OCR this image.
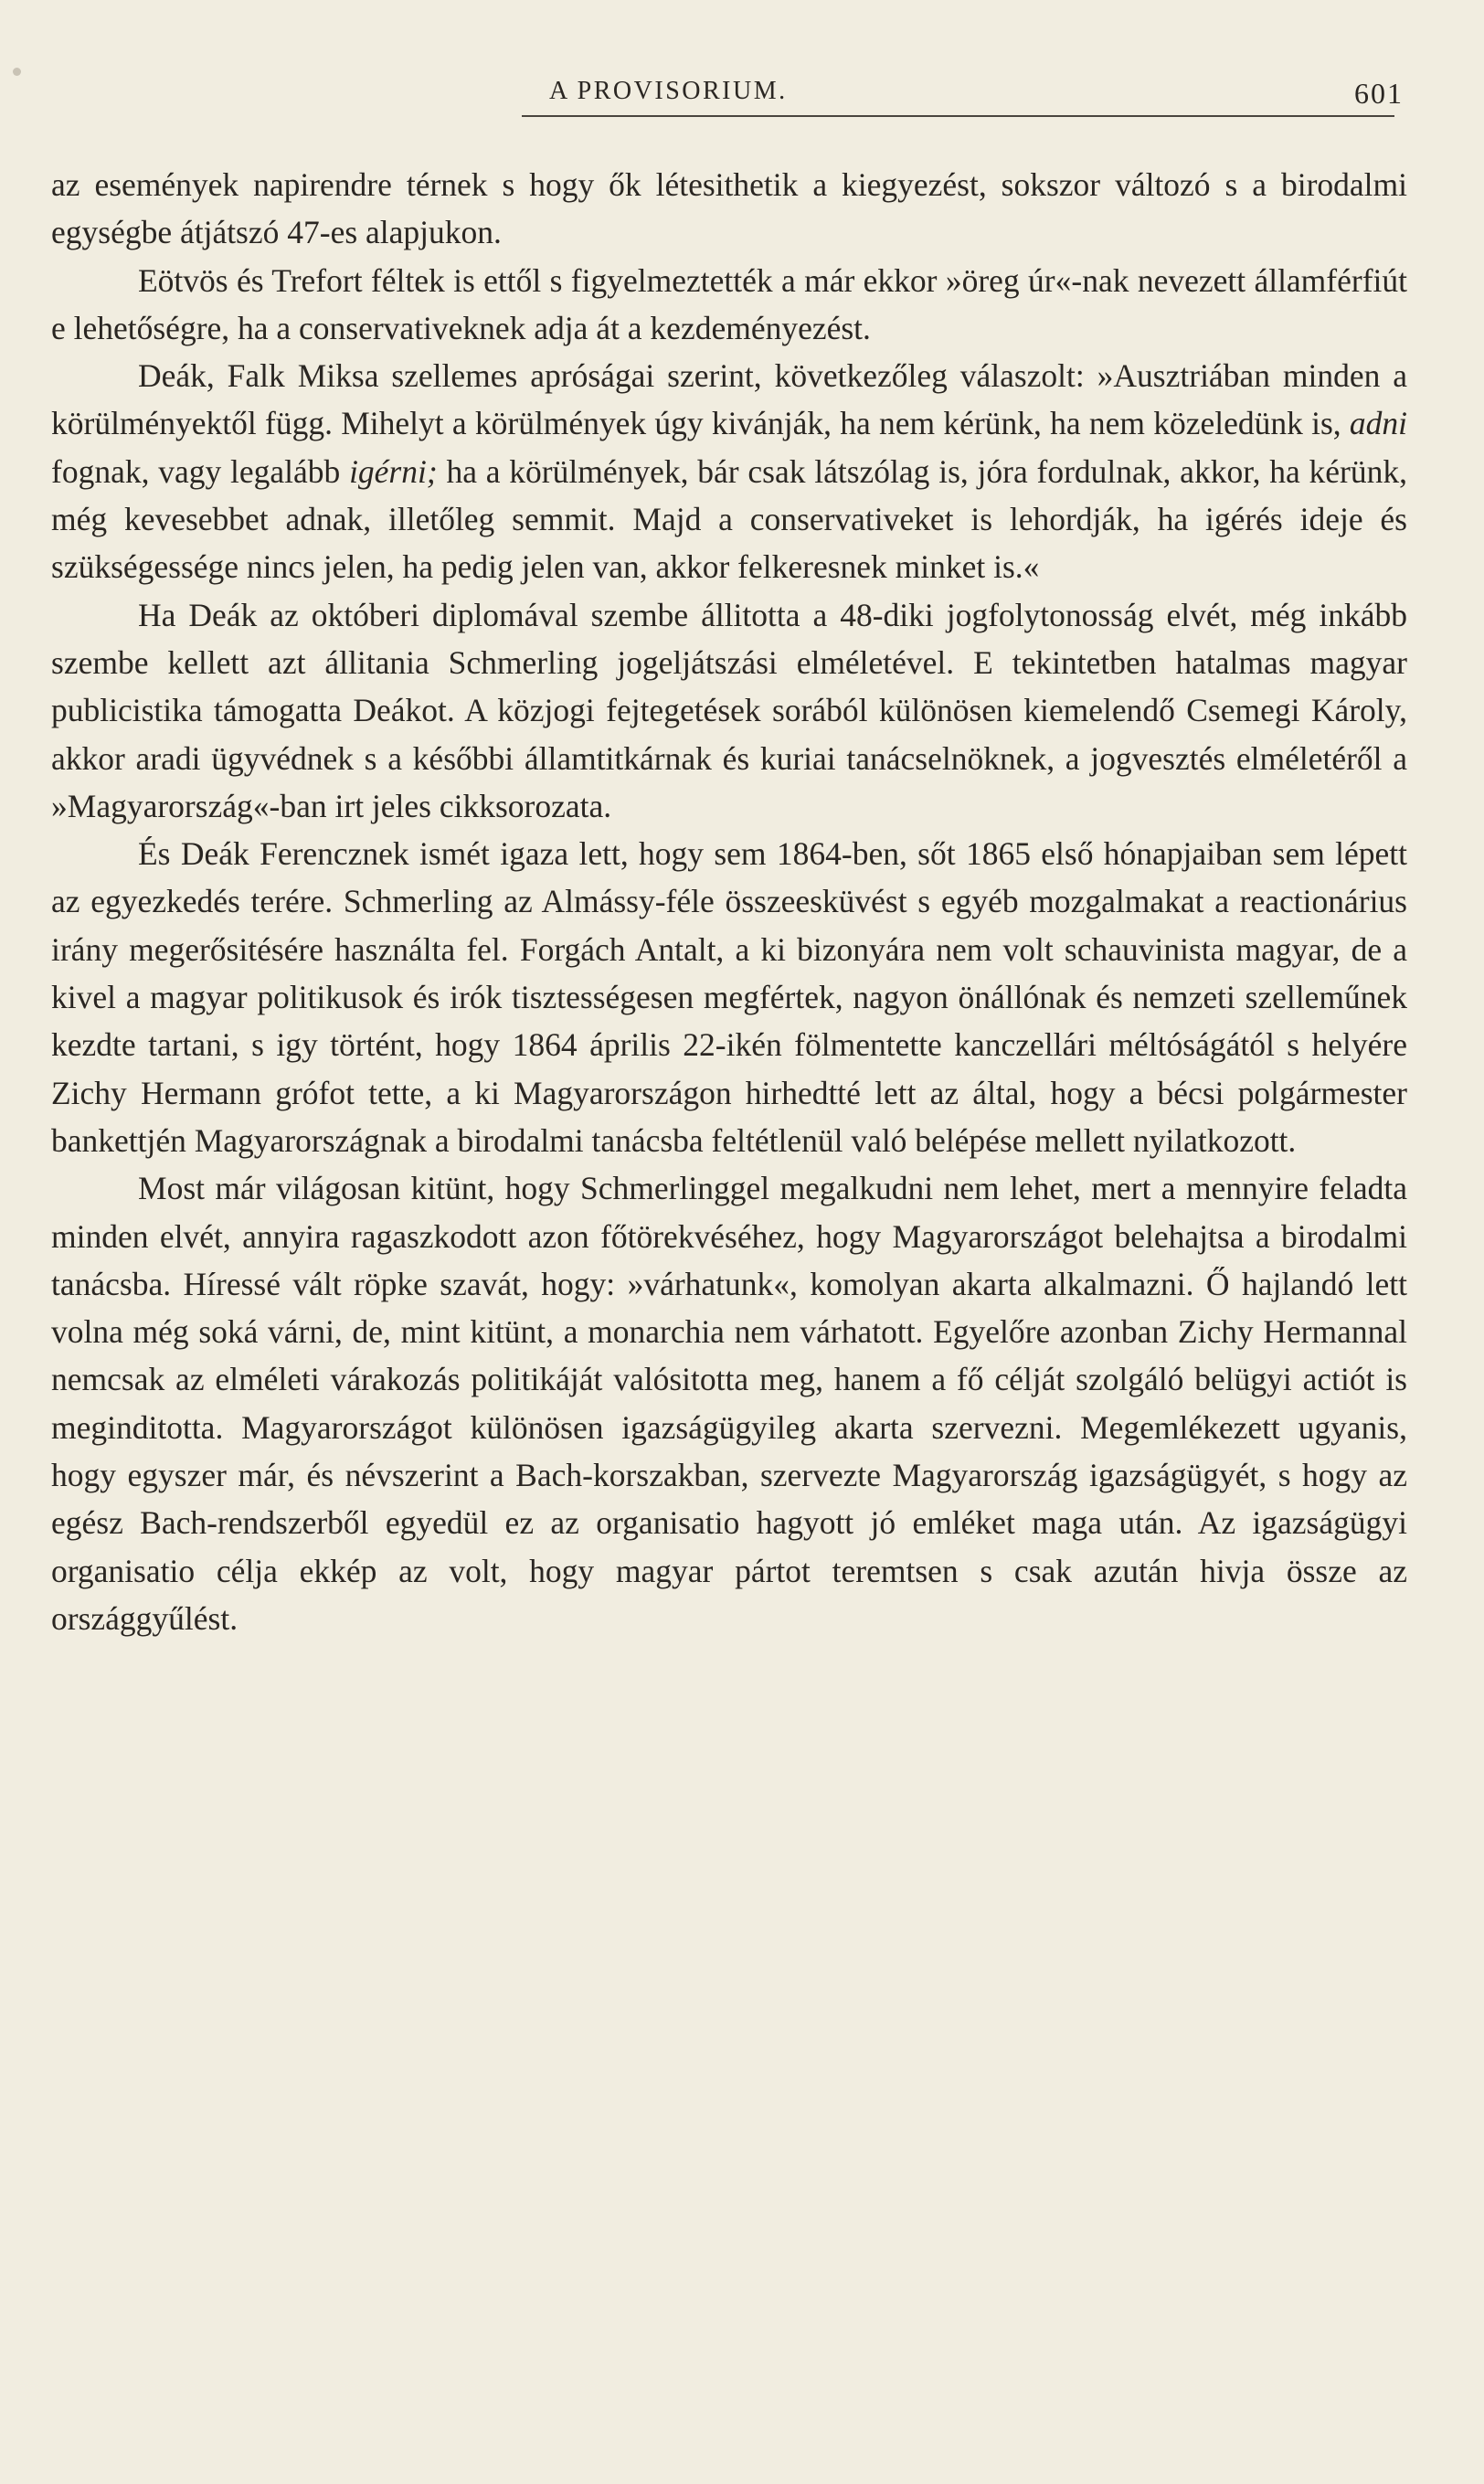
A PROVISORIUM.	601

az események napirendre térnek s hogy ők létesithetik a kiegyezést, sokszor változó s a birodalmi egységbe átjátszó 47-es alapjukon.

Eötvös és Trefort féltek is ettől s figyelmeztették a már ekkor »öreg úr«-nak nevezett államférfiút e lehetőségre, ha a conservativeknek adja át a kezdeményezést.

Deák, Falk Miksa szellemes apróságai szerint, következőleg válaszolt: »Ausztriában minden a körülményektől függ. Mihelyt a körülmények úgy kivánják, ha nem kérünk, ha nem közeledünk is, adni fognak, vagy legalább igérni; ha a körülmények, bár csak látszólag is, jóra fordulnak, akkor, ha kérünk, még kevesebbet adnak, illetőleg semmit. Majd a conservativeket is lehordják, ha igérés ideje és szükségessége nincs jelen, ha pedig jelen van, akkor felkeresnek minket is.«

Ha Deák az októberi diplomával szembe állitotta a 48-diki jogfolytonosság elvét, még inkább szembe kellett azt állitania Schmerling jogeljátszási elméletével. E tekintetben hatalmas magyar publicistika támogatta Deákot. A közjogi fejtegetések sorából különösen kiemelendő Csemegi Károly, akkor aradi ügyvédnek s a későbbi államtitkárnak és kuriai tanácselnöknek, a jogvesztés elméletéről a »Magyarország«-ban irt jeles cikksorozata.

És Deák Ferencznek ismét igaza lett, hogy sem 1864-ben, sőt 1865 első hónapjaiban sem lépett az egyezkedés terére. Schmerling az Almássy-féle összeesküvést s egyéb mozgalmakat a reactionárius irány megerősitésére használta fel. Forgách Antalt, a ki bizonyára nem volt schauvinista magyar, de a kivel a magyar politikusok és irók tisztességesen megfértek, nagyon önállónak és nemzeti szelleműnek kezdte tartani, s igy történt, hogy 1864 április 22-ikén fölmentette kanczellári méltóságától s helyére Zichy Hermann grófot tette, a ki Magyarországon hirhedtté lett az által, hogy a bécsi polgármester bankettjén Magyarországnak a birodalmi tanácsba feltétlenül való belépése mellett nyilatkozott.

Most már világosan kitünt, hogy Schmerlinggel megalkudni nem lehet, mert a mennyire feladta minden elvét, annyira ragaszkodott azon főtörekvéséhez, hogy Magyarországot belehajtsa a birodalmi tanácsba. Híressé vált röpke szavát, hogy: »várhatunk«, komolyan akarta alkalmazni. Ő hajlandó lett volna még soká várni, de, mint kitünt, a monarchia nem várhatott. Egyelőre azonban Zichy Hermannal nemcsak az elméleti várakozás politikáját valósitotta meg, hanem a fő célját szolgáló belügyi actiót is meginditotta. Magyarországot különösen igazságügyileg akarta szervezni. Megemlékezett ugyanis, hogy egyszer már, és névszerint a Bach-korszakban, szervezte Magyarország igazságügyét, s hogy az egész Bach-rendszerből egyedül ez az organisatio hagyott jó emléket maga után. Az igazságügyi organisatio célja ekkép az volt, hogy magyar pártot teremtsen s csak azután hivja össze az országgyűlést.
